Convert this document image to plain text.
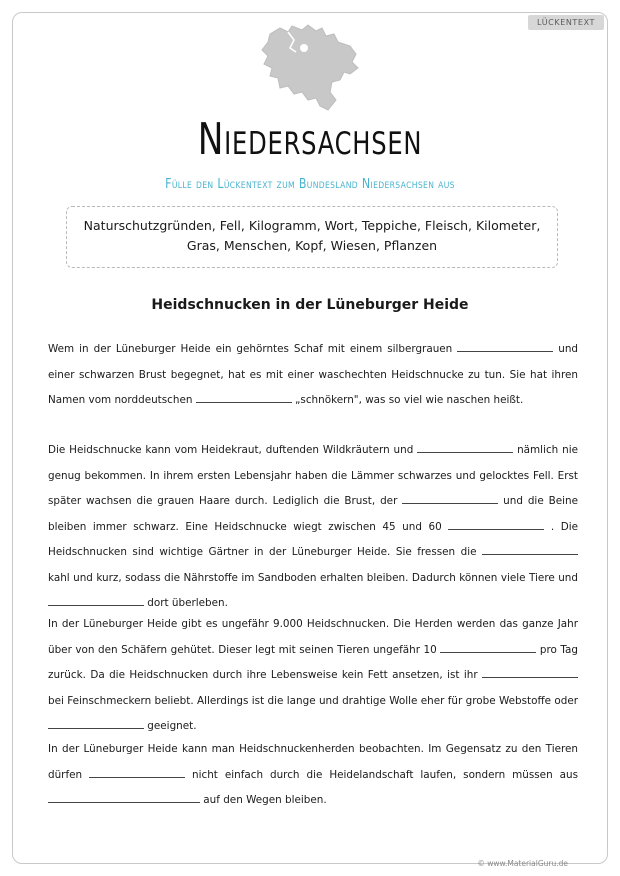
LÜCKENTEXT
Niedersachsen
Fülle den Lückentext zum Bundesland Niedersachsen aus
Naturschutzgründen, Fell, Kilogramm, Wort, Teppiche, Fleisch, Kilometer,
Gras, Menschen, Kopf, Wiesen, Pflanzen
Heidschnucken in der Lüneburger Heide
Wem in der Lüneburger Heide ein gehörntes Schaf mit einem silbergrauen	und einer schwarzen Brust begegnet, hat es mit einer waschechten Heidschnucke zu tun. Sie hat ihren Namen vom norddeutschen	„schnökern", was so viel wie naschen heißt.
Die Heidschnucke kann vom Heidekraut, duftenden Wildkräutern und	nämlich nie genug bekommen. In ihrem ersten Lebensjahr haben die Lämmer schwarzes und gelocktes Fell. Erst später wachsen die grauen Haare durch. Lediglich die Brust, der	und die Beine bleiben immer schwarz. Eine Heidschnucke wiegt zwischen 45 und 60	. Die Heidschnucken sind wichtige Gärtner in der Lüneburger Heide. Sie fressen die  kahl und kurz, sodass die Nährstoffe im Sandboden erhalten bleiben. Dadurch können viele Tiere und  dort überleben.
In der Lüneburger Heide gibt es ungefähr 9.000 Heidschnucken. Die Herden werden das ganze Jahr über von den Schäfern gehütet. Dieser legt mit seinen Tieren ungefähr 10	pro Tag zurück. Da die Heidschnucken durch ihre Lebensweise kein Fett ansetzen, ist ihr  bei Feinschmeckern beliebt. Allerdings ist die lange und drahtige Wolle eher für grobe Webstoffe oder  geeignet.
In der Lüneburger Heide kann man Heidschnuckenherden beobachten. Im Gegensatz zu den Tieren dürfen	nicht einfach durch die Heidelandschaft laufen, sondern müssen aus  auf den Wegen bleiben.
© www.MaterialGuru.de
